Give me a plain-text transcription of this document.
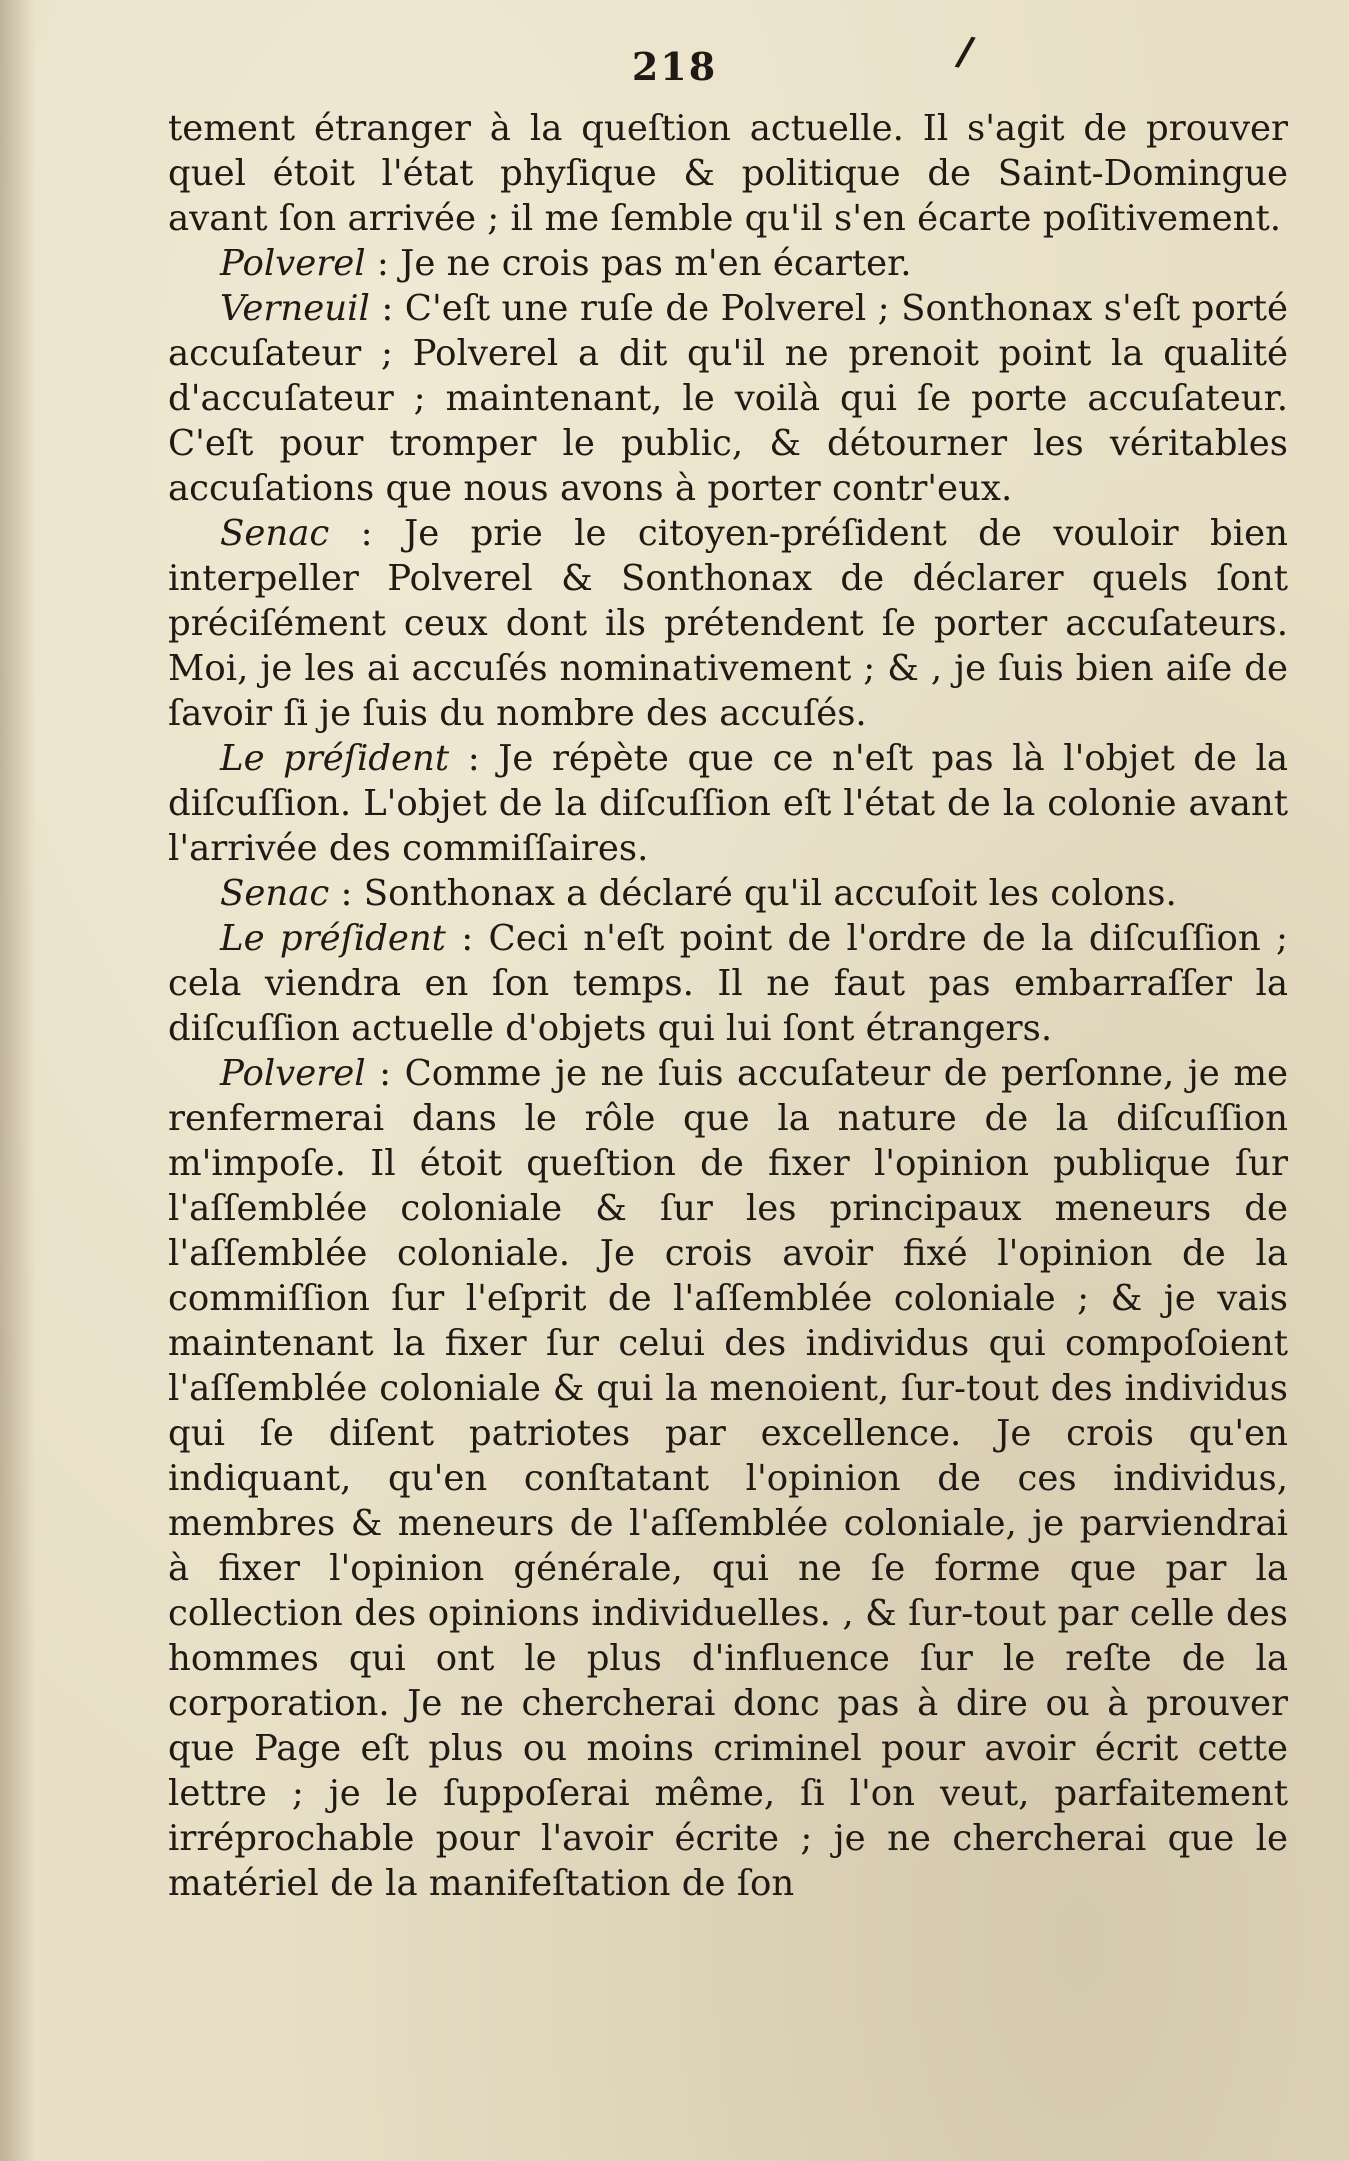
218	/

tement étranger à la queſtion actuelle. Il s'agit de prouver quel étoit l'état phyſique & politique de Saint-Domingue avant ſon arrivée ; il me ſemble qu'il s'en écarte poſitivement.

Polverel : Je ne crois pas m'en écarter.

Verneuil : C'eſt une ruſe de Polverel ; Sonthonax s'eſt porté accuſateur ; Polverel a dit qu'il ne prenoit point la qualité d'accuſateur ; maintenant, le voilà qui ſe porte accuſateur. C'eſt pour tromper le public, & détourner les véritables accuſations que nous avons à porter contr'eux.

Senac : Je prie le citoyen-préſident de vouloir bien interpeller Polverel & Sonthonax de déclarer quels ſont préciſément ceux dont ils prétendent ſe porter accuſateurs. Moi, je les ai accuſés nominativement ; & , je ſuis bien aiſe de ſavoir ſi je ſuis du nombre des accuſés.

Le préſident : Je répète que ce n'eſt pas là l'objet de la diſcuſſion. L'objet de la diſcuſſion eſt l'état de la colonie avant l'arrivée des commiſſaires.

Senac : Sonthonax a déclaré qu'il accuſoit les colons.

Le préſident : Ceci n'eſt point de l'ordre de la diſcuſſion ; cela viendra en ſon temps. Il ne faut pas embarraſſer la diſcuſſion actuelle d'objets qui lui ſont étrangers.

Polverel : Comme je ne ſuis accuſateur de perſonne, je me renfermerai dans le rôle que la nature de la diſcuſſion m'impoſe. Il étoit queſtion de fixer l'opinion publique ſur l'aſſemblée coloniale & ſur les principaux meneurs de l'aſſemblée coloniale. Je crois avoir fixé l'opinion de la commiſſion ſur l'eſprit de l'aſſemblée coloniale ; & je vais maintenant la fixer ſur celui des individus qui compoſoient l'aſſemblée coloniale & qui la menoient, ſur-tout des individus qui ſe diſent patriotes par excellence. Je crois qu'en indiquant, qu'en conſtatant l'opinion de ces individus, membres & meneurs de l'aſſemblée coloniale, je parviendrai à fixer l'opinion générale, qui ne ſe forme que par la collection des opinions individuelles. , & ſur-tout par celle des hommes qui ont le plus d'influence ſur le reſte de la corporation. Je ne chercherai donc pas à dire ou à prouver que Page eſt plus ou moins criminel pour avoir écrit cette lettre ; je le ſuppoſerai même, ſi l'on veut, parfaitement irréprochable pour l'avoir écrite ; je ne chercherai que le matériel de la manifeſtation de ſon
